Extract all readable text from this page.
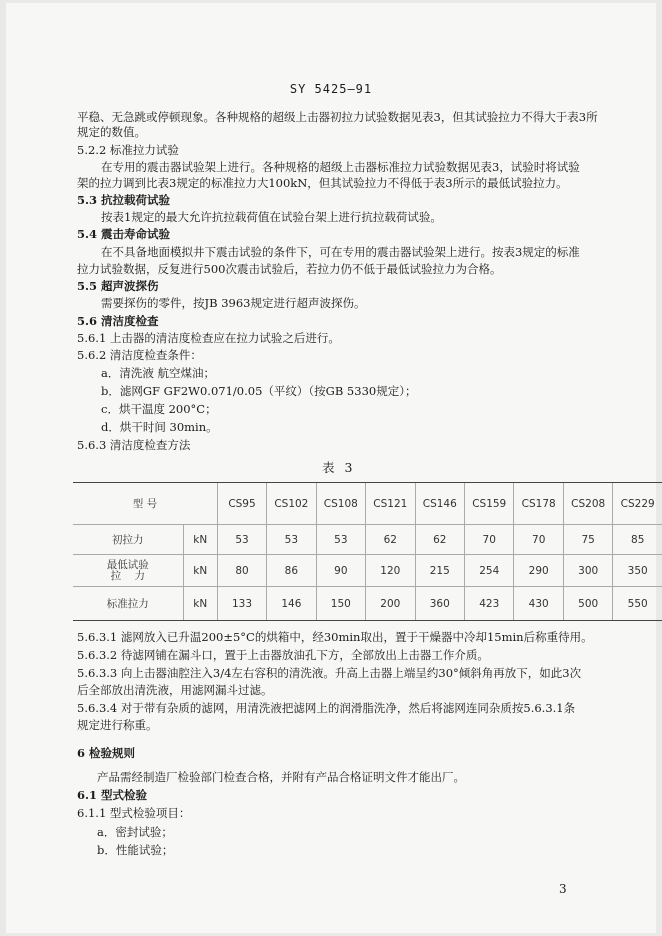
SY 5425—91
平稳、无急跳或停顿现象。各种规格的超级上击器初拉力试验数据见表3，但其试验拉力不得大于表3所
规定的数值。
5.2.2 标准拉力试验
在专用的震击器试验架上进行。各种规格的超级上击器标准拉力试验数据见表3，试验时将试验
架的拉力调到比表3规定的标准拉力大100kN，但其试验拉力不得低于表3所示的最低试验拉力。
5.3 抗拉载荷试验
按表1规定的最大允许抗拉载荷值在试验台架上进行抗拉载荷试验。
5.4 震击寿命试验
在不具备地面模拟井下震击试验的条件下，可在专用的震击器试验架上进行。按表3规定的标准
拉力试验数据，反复进行500次震击试验后，若拉力仍不低于最低试验拉力为合格。
5.5 超声波探伤
需要探伤的零件，按JB 3963规定进行超声波探伤。
5.6 清洁度检查
5.6.1 上击器的清洁度检查应在拉力试验之后进行。
5.6.2 清洁度检查条件：
a．清洗液 航空煤油；
b．滤网GF GF2W0.071/0.05（平纹）（按GB 5330规定）；
c．烘干温度 200°C；
d．烘干时间 30min。
5.6.3 清洁度检查方法
表 3
型 号		CS95	CS102	CS108	CS121	CS146	CS159	CS178	CS208	CS229
初拉力	kN	53	53	53	62	62	70	70	75	85
最低试验
拉    力	kN	80	86	90	120	215	254	290	300	350
标准拉力	kN	133	146	150	200	360	423	430	500	550
5.6.3.1 滤网放入已升温200±5°C的烘箱中，经30min取出，置于干燥器中冷却15min后称重待用。
5.6.3.2 待滤网铺在漏斗口，置于上击器放油孔下方，全部放出上击器工作介质。
5.6.3.3 向上击器油腔注入3/4左右容积的清洗液。升高上击器上端呈约30°倾斜角再放下，如此3次
后全部放出清洗液，用滤网漏斗过滤。
5.6.3.4 对于带有杂质的滤网，用清洗液把滤网上的润滑脂洗净，然后将滤网连同杂质按5.6.3.1条
规定进行称重。
6 检验规则
产品需经制造厂检验部门检查合格，并附有产品合格证明文件才能出厂。
6.1 型式检验
6.1.1 型式检验项目：
a．密封试验；
b．性能试验；
3
